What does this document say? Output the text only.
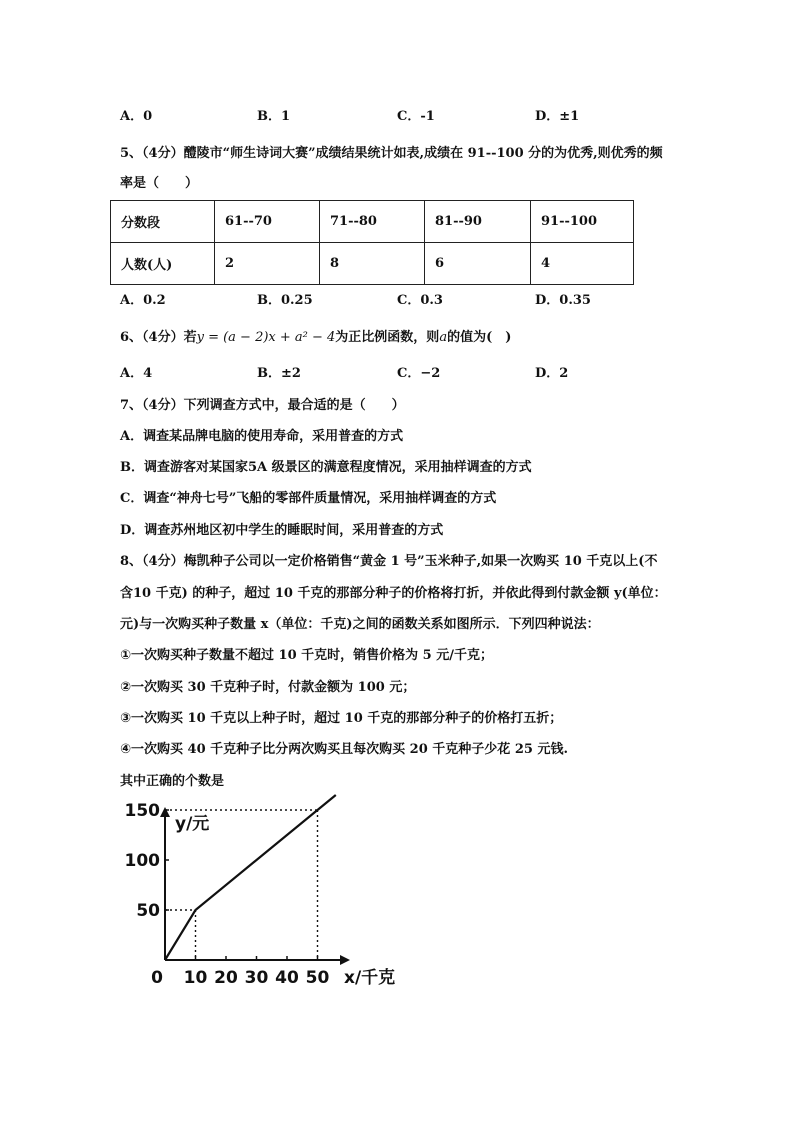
A．0	B．1	C．-1	D．±1
5、（4分）醴陵市“师生诗词大赛”成绩结果统计如表,成绩在 91--100 分的为优秀,则优秀的频
率是（　　）
分数段	61--70	71--80	81--90	91--100
人数(人)	2	8	6	4
A．0.2	B．0.25	C．0.3	D．0.35
6、（4分）若y = (a − 2)x + a² − 4为正比例函数，则a的值为(　)
A．4	B．±2	C．−2	D．2
7、（4分）下列调查方式中，最合适的是（　　）
A．调查某品牌电脑的使用寿命，采用普查的方式
B．调查游客对某国家5A 级景区的满意程度情况，采用抽样调查的方式
C．调查“神舟七号”飞船的零部件质量情况，采用抽样调查的方式
D．调查苏州地区初中学生的睡眠时间，采用普查的方式
8、（4分）梅凯种子公司以一定价格销售“黄金 1 号”玉米种子,如果一次购买 10 千克以上(不
含10 千克) 的种子，超过 10 千克的那部分种子的价格将打折，并依此得到付款金额 y(单位：
元)与一次购买种子数量 x（单位：千克)之间的函数关系如图所示．下列四种说法：
①一次购买种子数量不超过 10 千克时，销售价格为 5 元/千克；
②一次购买 30 千克种子时，付款金额为 100 元；
③一次购买 10 千克以上种子时，超过 10 千克的那部分种子的价格打五折；
④一次购买 40 千克种子比分两次购买且每次购买 20 千克种子少花 25 元钱.
其中正确的个数是
10 20 30 40 50
50
100
150
0
y/元
x/千克
